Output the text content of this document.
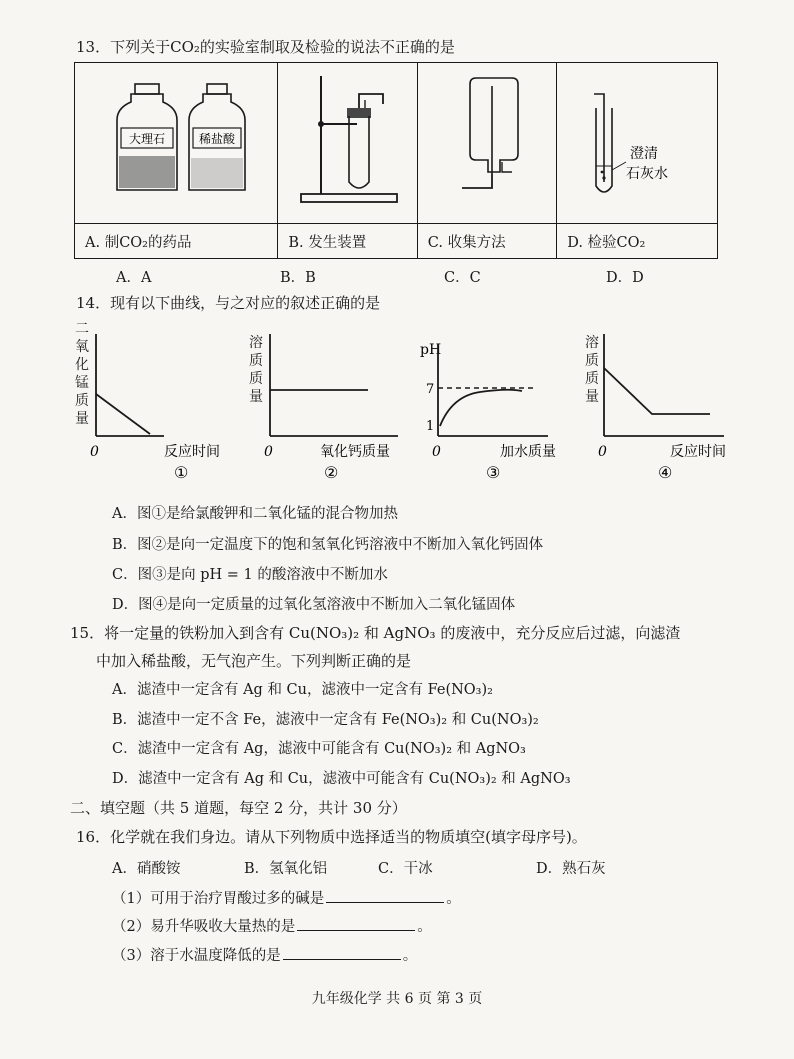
13．下列关于CO₂的实验室制取及检验的说法不正确的是
大理石 稀盐酸			澄清
石灰水

A. 制CO₂的药品	B. 发生装置	C. 收集方法	D. 检验CO₂
A．A	B．B	C．C	D．D
14．现有以下曲线，与之对应的叙述正确的是
二氧化锰质量
0	反应时间
①
溶质质量
0	氧化钙质量
②
pH
7
1
0	加水质量
③
溶质质量
0	反应时间
④
A．图①是给氯酸钾和二氧化锰的混合物加热
B．图②是向一定温度下的饱和氢氧化钙溶液中不断加入氧化钙固体
C．图③是向 pH = 1 的酸溶液中不断加水
D．图④是向一定质量的过氧化氢溶液中不断加入二氧化锰固体
15．将一定量的铁粉加入到含有 Cu(NO₃)₂ 和 AgNO₃ 的废液中，充分反应后过滤，向滤渣
中加入稀盐酸，无气泡产生。下列判断正确的是
A．滤渣中一定含有 Ag 和 Cu，滤液中一定含有 Fe(NO₃)₂
B．滤渣中一定不含 Fe，滤液中一定含有 Fe(NO₃)₂ 和 Cu(NO₃)₂
C．滤渣中一定含有 Ag，滤液中可能含有 Cu(NO₃)₂ 和 AgNO₃
D．滤渣中一定含有 Ag 和 Cu，滤液中可能含有 Cu(NO₃)₂ 和 AgNO₃
二、填空题（共 5 道题，每空 2 分，共计 30 分）
16．化学就在我们身边。请从下列物质中选择适当的物质填空(填字母序号)。
A．硝酸铵	B．氢氧化铝	C．干冰	D．熟石灰
（1）可用于治疗胃酸过多的碱是	。
（2）易升华吸收大量热的是	。
（3）溶于水温度降低的是	。
九年级化学 共 6 页 第 3 页
